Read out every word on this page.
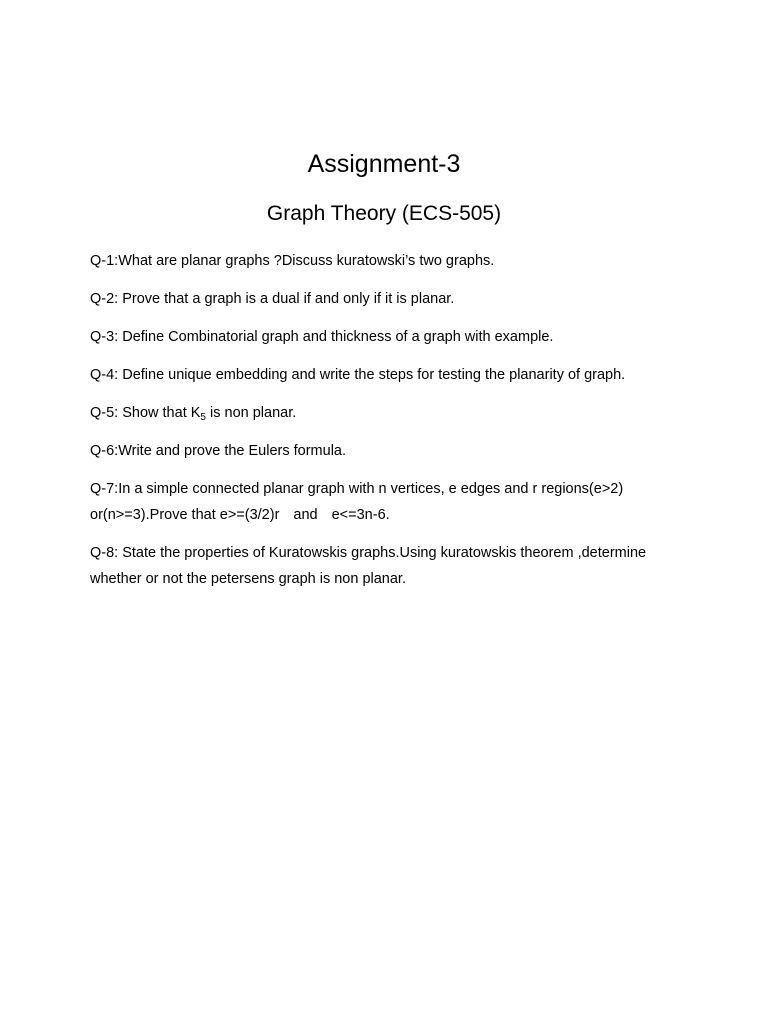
Assignment-3
Graph Theory (ECS-505)
Q-1:What are planar graphs ?Discuss kuratowski’s two graphs.
Q-2: Prove that a graph is a dual if and only if it is planar.
Q-3: Define Combinatorial graph and thickness of a graph with example.
Q-4: Define unique embedding and write the steps for testing the planarity of graph.
Q-5: Show that $K_5$ is non planar.
Q-6:Write and prove the Eulers formula.
Q-7:In a simple connected planar graph with n vertices, e edges and r regions(e>2) or(n>=3).Prove that e>=(3/2)r and e<=3n-6.
Q-8: State the properties of Kuratowskis graphs.Using kuratowskis theorem ,determine whether or not the petersens graph is non planar.
